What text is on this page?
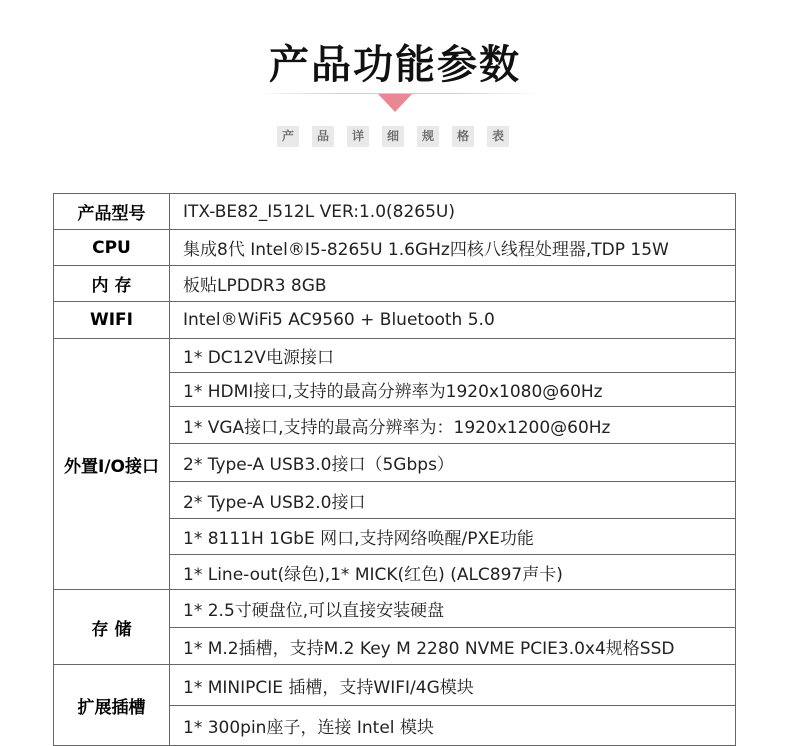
产品功能参数
产	品	详	细	规	格	表
产品型号	ITX-BE82_I512L VER:1.0(8265U)
CPU	集成8代 Intel®I5-8265U 1.6GHz四核八线程处理器,TDP 15W
内 存	板贴LPDDR3 8GB
WIFI	Intel®WiFi5 AC9560 + Bluetooth 5.0
外置I/O接口	1* DC12V电源接口
	1* HDMI接口,支持的最高分辨率为1920x1080@60Hz
	1* VGA接口,支持的最高分辨率为：1920x1200@60Hz
	2* Type-A USB3.0接口（5Gbps）
	2* Type-A USB2.0接口
	1* 8111H 1GbE 网口,支持网络唤醒/PXE功能
	1* Line-out(绿色),1* MICK(红色) (ALC897声卡)
存 储	1* 2.5寸硬盘位,可以直接安装硬盘
	1* M.2插槽，支持M.2 Key M 2280 NVME PCIE3.0x4规格SSD
扩展插槽	1* MINIPCIE 插槽，支持WIFI/4G模块
	1* 300pin座子，连接 Intel 模块
